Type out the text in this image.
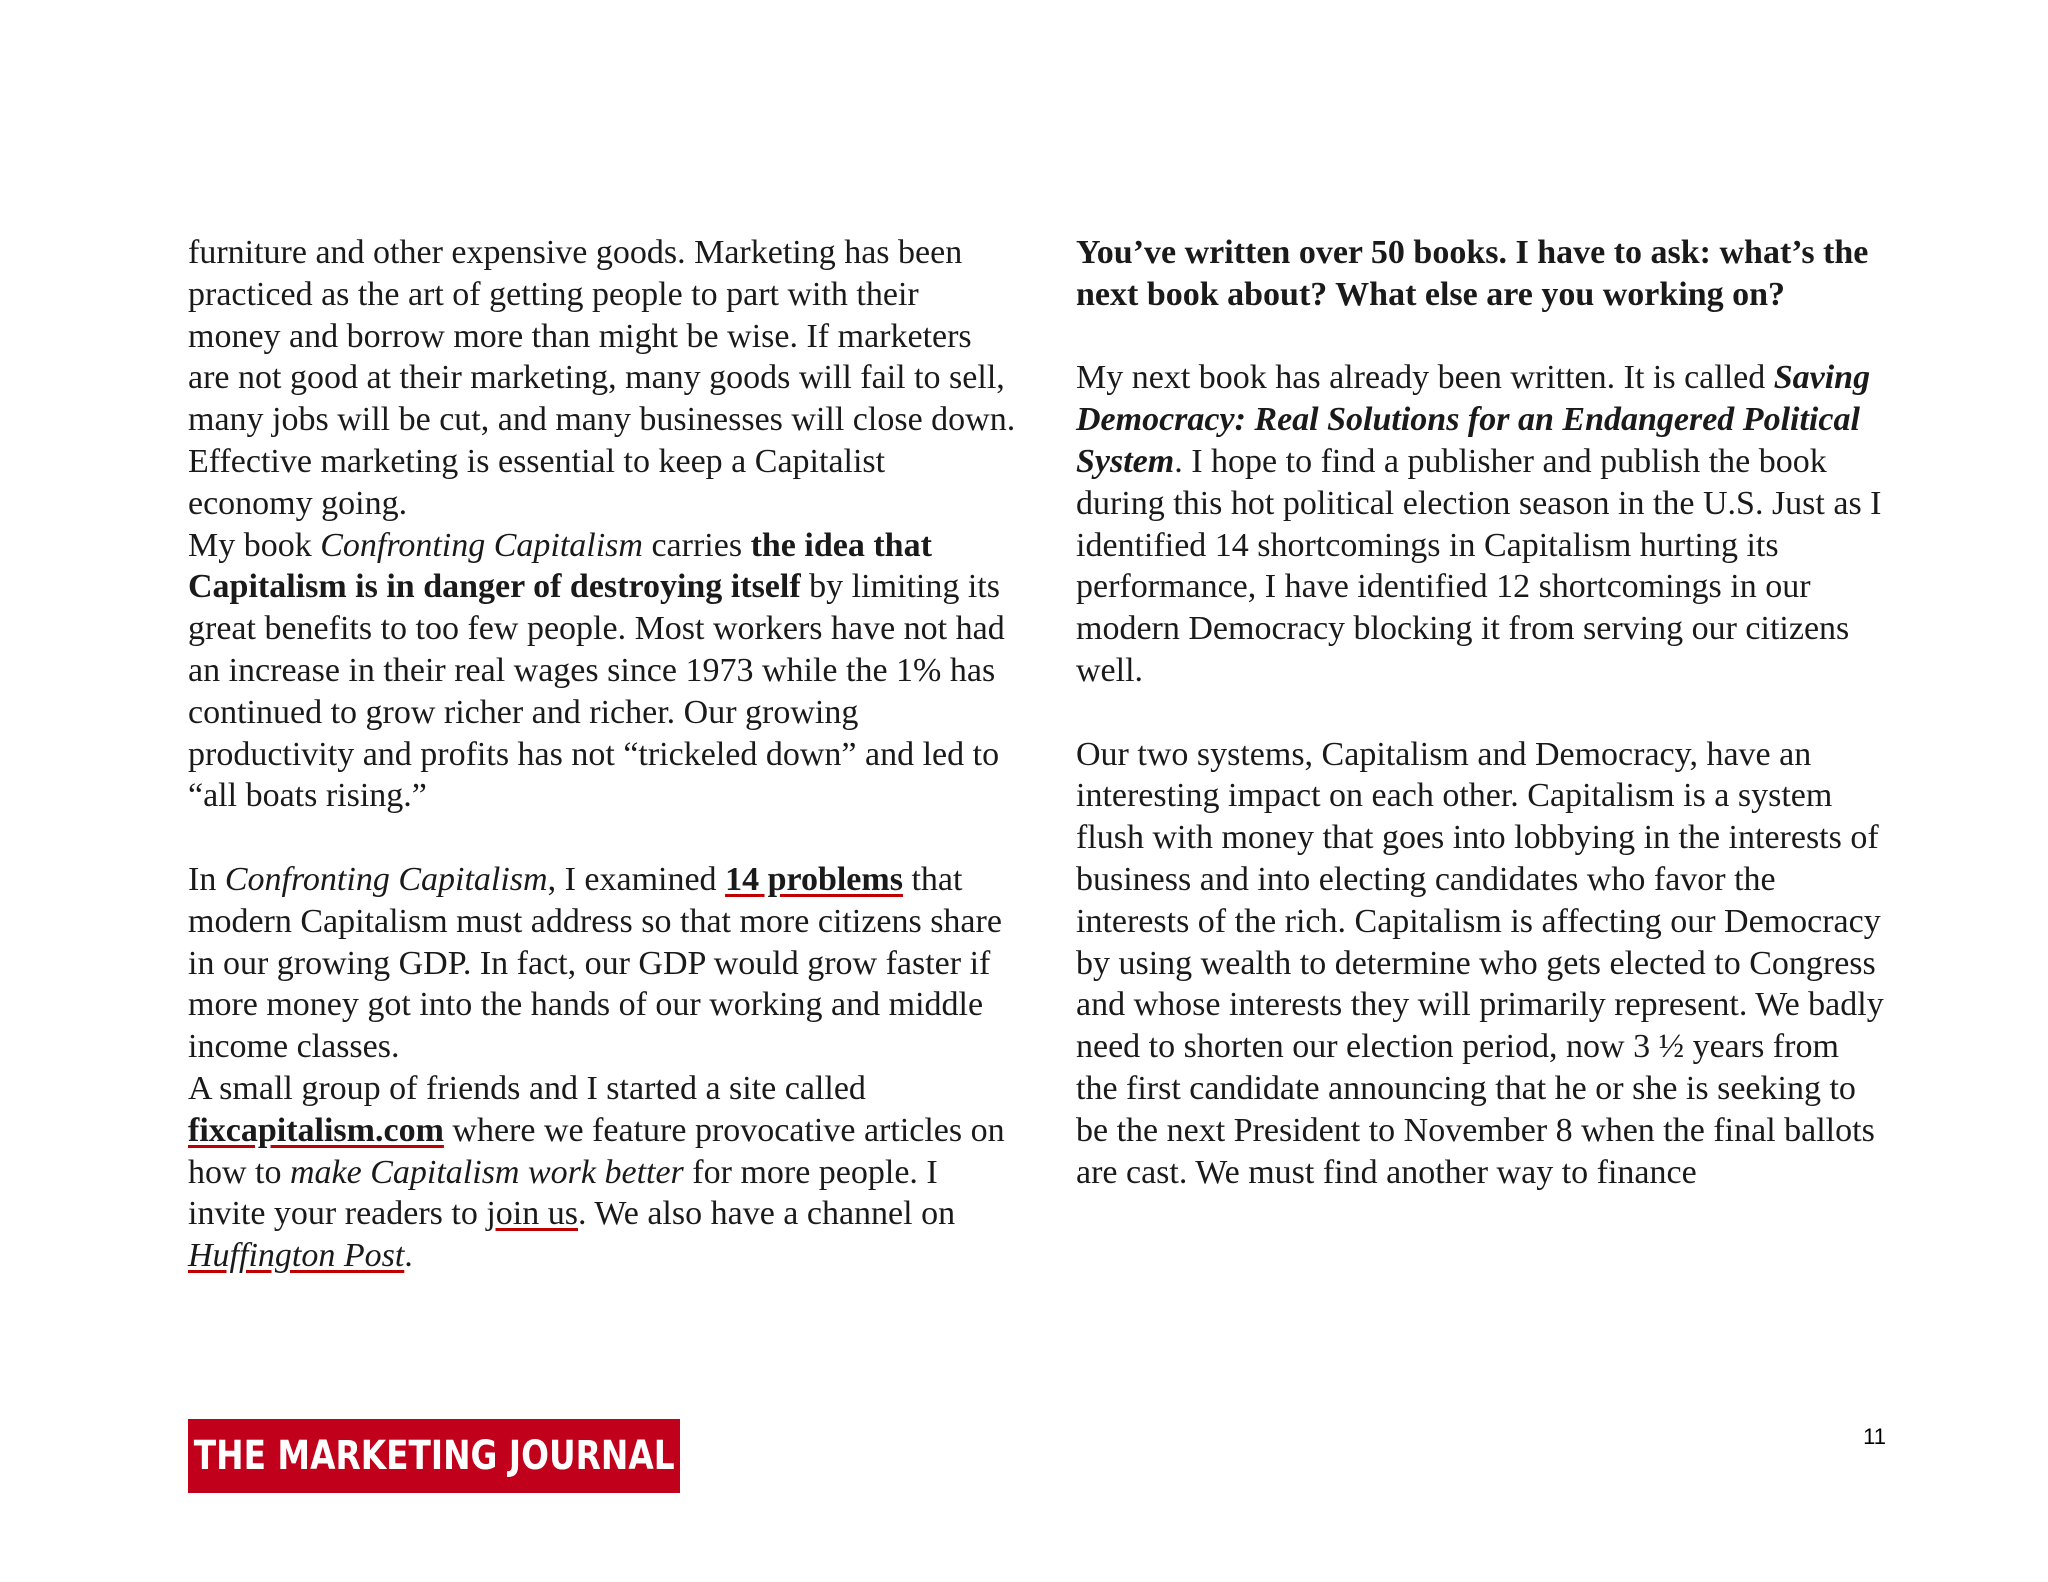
furniture and other expensive goods. Marketing has been practiced as the art of getting people to part with their money and borrow more than might be wise. If marketers are not good at their marketing, many goods will fail to sell, many jobs will be cut, and many businesses will close down. Effective marketing is essential to keep a Capitalist economy going.

My book Confronting Capitalism carries the idea that Capitalism is in danger of destroying itself by limiting its great benefits to too few people. Most workers have not had an increase in their real wages since 1973 while the 1% has continued to grow richer and richer. Our growing productivity and profits has not “trickeled down” and led to “all boats rising.”

In Confronting Capitalism, I examined 14 problems that modern Capitalism must address so that more citizens share in our growing GDP. In fact, our GDP would grow faster if more money got into the hands of our working and middle income classes.

A small group of friends and I started a site called fixcapitalism.com where we feature provocative articles on how to make Capitalism work better for more people. I invite your readers to join us. We also have a channel on Huffington Post.

You’ve written over 50 books. I have to ask: what’s the next book about? What else are you working on?

My next book has already been written. It is called Saving Democracy: Real Solutions for an Endangered Political System. I hope to find a publisher and publish the book during this hot political election season in the U.S. Just as I identified 14 shortcomings in Capitalism hurting its performance, I have identified 12 shortcomings in our modern Democracy blocking it from serving our citizens well.

Our two systems, Capitalism and Democracy, have an interesting impact on each other. Capitalism is a system flush with money that goes into lobbying in the interests of business and into electing candidates who favor the interests of the rich. Capitalism is affecting our Democracy by using wealth to determine who gets elected to Congress and whose interests they will primarily represent. We badly need to shorten our election period, now 3 ½ years from the first candidate announcing that he or she is seeking to be the next President to November 8 when the final ballots are cast. We must find another way to finance

THE MARKETING JOURNAL	11
